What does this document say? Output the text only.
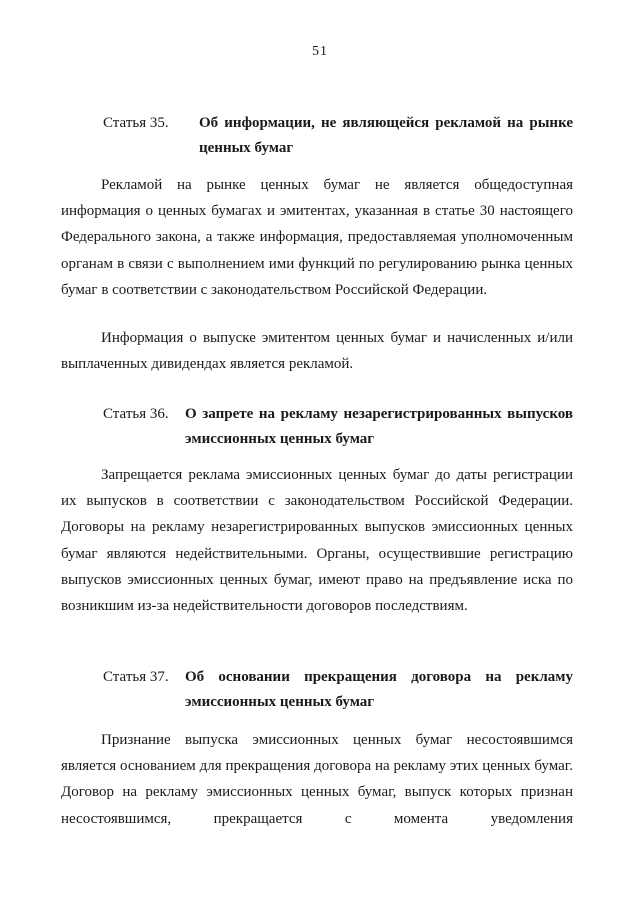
51
Статья 35.	Об информации, не являющейся рекламой на рынке ценных бумаг

Рекламой на рынке ценных бумаг не является общедоступная информация о ценных бумагах и эмитентах, указанная в статье 30 настоящего Федерального закона, а также информация, предоставляемая уполномоченным органам в связи с выполнением ими функций по регулированию рынка ценных бумаг в соответствии с законодательством Российской Федерации.

Информация о выпуске эмитентом ценных бумаг и начисленных и/или выплаченных дивидендах является рекламой.

Статья 36.	О запрете на рекламу незарегистрированных выпусков эмиссионных ценных бумаг

Запрещается реклама эмиссионных ценных бумаг до даты регистрации их выпусков в соответствии с законодательством Российской Федерации. Договоры на рекламу незарегистрированных выпусков эмиссионных ценных бумаг являются недействительными. Органы, осуществившие регистрацию выпусков эмиссионных ценных бумаг, имеют право на предъявление иска по возникшим из-за недействительности договоров последствиям.

Статья 37.	Об основании прекращения договора на рекламу эмиссионных ценных бумаг

Признание выпуска эмиссионных ценных бумаг несостоявшимся является основанием для прекращения договора на рекламу этих ценных бумаг. Договор на рекламу эмиссионных ценных бумаг, выпуск которых признан несостоявшимся, прекращается с момента уведомления
